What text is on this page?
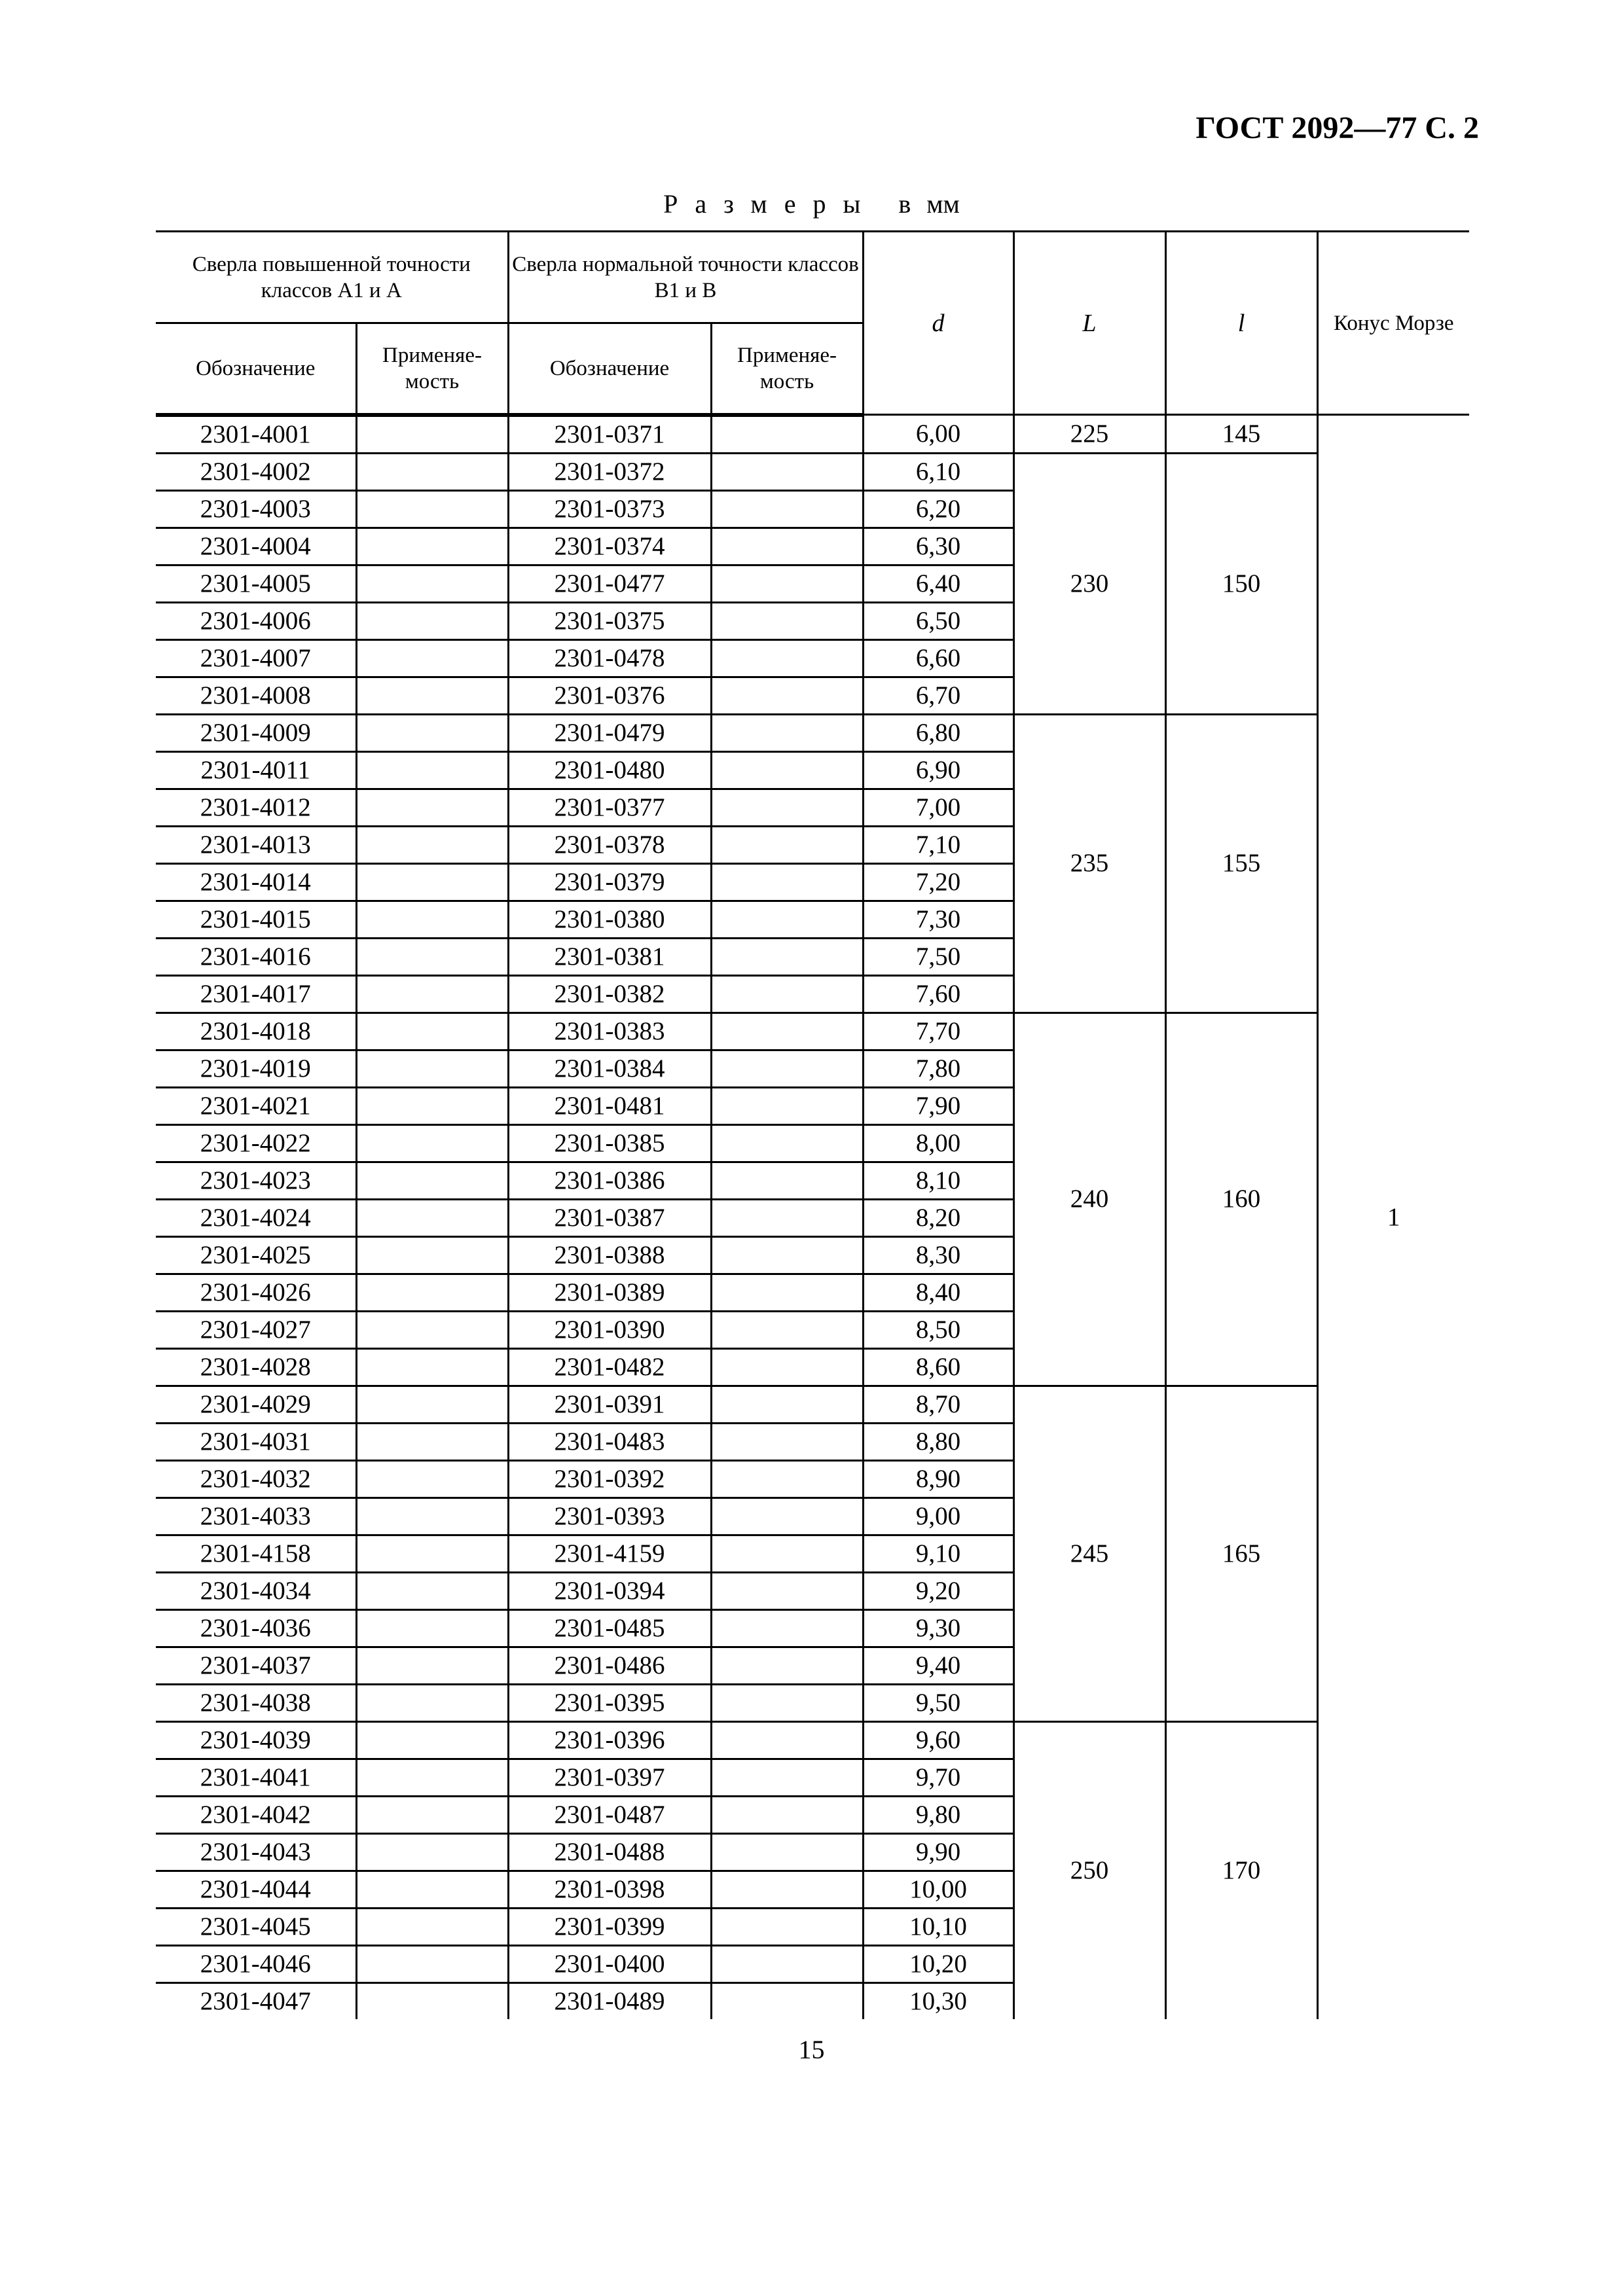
ГОСТ 2092—77 С. 2
Размеры в мм
Сверла повышенной точности классов А1 и А		Сверла нормальной точности классов В1 и В		d	L	l	Конус Морзе
Обозначение	Применяе- мость	Обозначение	Применяе- мость				
2301-4001		2301-0371		6,00	225	145	1
2301-4002		2301-0372		6,10	230	150	
2301-4003		2301-0373		6,20			
2301-4004		2301-0374		6,30			
2301-4005		2301-0477		6,40			
2301-4006		2301-0375		6,50			
2301-4007		2301-0478		6,60			
2301-4008		2301-0376		6,70			
2301-4009		2301-0479		6,80	235	155	
2301-4011		2301-0480		6,90			
2301-4012		2301-0377		7,00			
2301-4013		2301-0378		7,10			
2301-4014		2301-0379		7,20			
2301-4015		2301-0380		7,30			
2301-4016		2301-0381		7,50			
2301-4017		2301-0382		7,60			
2301-4018		2301-0383		7,70	240	160	
2301-4019		2301-0384		7,80			
2301-4021		2301-0481		7,90			
2301-4022		2301-0385		8,00			
2301-4023		2301-0386		8,10			
2301-4024		2301-0387		8,20			
2301-4025		2301-0388		8,30			
2301-4026		2301-0389		8,40			
2301-4027		2301-0390		8,50			
2301-4028		2301-0482		8,60			
2301-4029		2301-0391		8,70	245	165	
2301-4031		2301-0483		8,80			
2301-4032		2301-0392		8,90			
2301-4033		2301-0393		9,00			
2301-4158		2301-4159		9,10			
2301-4034		2301-0394		9,20			
2301-4036		2301-0485		9,30			
2301-4037		2301-0486		9,40			
2301-4038		2301-0395		9,50			
2301-4039		2301-0396		9,60	250	170	
2301-4041		2301-0397		9,70			
2301-4042		2301-0487		9,80			
2301-4043		2301-0488		9,90			
2301-4044		2301-0398		10,00			
2301-4045		2301-0399		10,10			
2301-4046		2301-0400		10,20			
2301-4047		2301-0489		10,30			
15
